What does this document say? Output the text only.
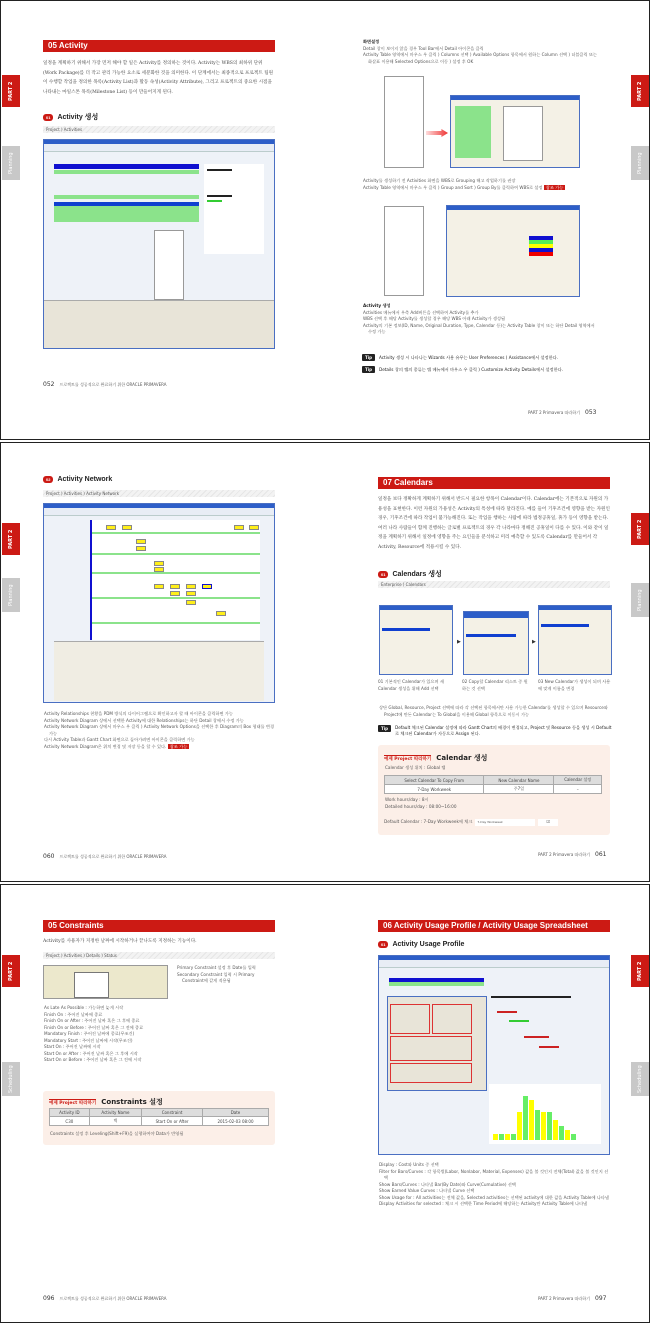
PART 2
Planning
05 Activity
일정을 계획하기 위해서 가장 먼저 해야 할 일은 Activity를 정의하는 것이다. Activity는 WBS의 최하위 단위(Work Package)를 더 작고 관리 가능한 요소로 세분화한 것을 의미한다. 이 단계에서는 최종적으로 프로젝트 팀원이 수행할 작업을 정의한 목록(Activity List)과 활동 속성(Activity Attribute), 그리고 프로젝트의 중요한 시점을 나타내는 마일스톤 목록(Milestone List) 등이 만들어지게 된다.
01	Activity 생성
Project ) Activities
052 프로젝트를 성공적으로 완료하기 위한 ORACLE PRIMAVERA
PART 2
Planning
화면설정
Detail 창이 보이지 않을 경우 Tool Bar에서 Detail 아이콘을 클릭
Activity Table 영역에서 마우스 우 클릭 ) Columns 선택 ) Available Options 항목에서 원하는 Column 선택 ) 더블클릭 또는 화살표 이용해 Selected Options으로 이동 ) 설정 후 OK
Activity를 생성하기 전 Activities 화면을 WBS로 Grouping 해고 작업하기를 권장
Activity Table 영역에서 마우스 우 클릭 ) Group and Sort ) Group By를 클릭하여 WBS로 설정 참조 가능
Activity 생성
Activities 메뉴에서 우측 Add버튼을 선택하여 Activity를 추가
WBS 선택 후 해당 Activity를 생성할 경우 해당 WBS 아래 Activity가 생성됨
Activity의 기본 정보(ID, Name, Original Duration, Type, Calendar 등)는 Activity Table 창이 또는 하단 Detail 영역에서 수정 가능
Tip	Activity 생성 시 나타나는 Wizards 사용 유무는 User Preferences ) Assistance에서 설정한다.
Tip	Details 창의 탭의 종류는 탭 메뉴에서 마우스 우 클릭 ) Customize Activity Details에서 설정한다.
PART 2 Primavera 따라하기 053
PART 2
Planning
02	Activity Network
Project ) Activities ) Activity Network
Activity Relationships 현황을 PDM 방식의 다이어그램으로 확인하고자 할 때 아이콘을 클릭하면 가능
Activity Network Diagram 상에서 선택한 Activity에 대한 Relationships는 하단 Detail 창에서 수정 가능
Activity Network Diagram 상에서 마우스 우 클릭 ) Activity Network Options을 선택한 후 Diagram의 Box 형태를 변경 가능
다시 Activity Table과 Gantt Chart 화면으로 돌아가려면 아이콘을 클릭하면 가능
Activity Network Diagram은 위치 변경 및 저장 등을 할 수 있다. 참조 가능
060 프로젝트를 성공적으로 완료하기 위한 ORACLE PRIMAVERA
PART 2
Planning
07 Calendars
일정을 보다 정확하게 계획하기 위해서 반드시 필요한 항목이 Calendar이다. Calendar에는 기본적으로 자원의 가용성을 표현한다. 이런 자원의 가용성은 Activity의 특성에 따라 달라진다. 예를 들어 기후조건에 영향을 받는 자원인 경우, 기후조건에 따라 작업이 불가능해진다. 또는 작업을 행하는 사람에 따라 법정공휴일, 휴가 등이 영향을 받는다. 여러 나라 사람들이 함께 진행하는 글로벌 프로젝트의 경우 각 나라마다 정해진 공휴일이 다를 수 있다. 이와 같이 일정을 계획하기 위해서 일정에 영향을 주는 요인들을 분석하고 미리 예측할 수 있도록 Calendar를 만들어서 각 Activity, Resource에 적용시킬 수 있다.
01	Calendars 생성
Enterprise ) Calendars
▶	▶
01 기본적인 Calendar가 있으며 새 Calendar 생성을 위해 Add 선택
02 Copy할 Calendar 리스트 중 원하는 것 선택
03 New Calendar가 생성이 되며 사용에 맞게 이름을 변경
상단 Global, Resource, Project 선택에 따라 각 선택된 항목에서만 사용 가능한 Calendar를 생성할 수 있으며 Resource와 Project에 만든 Calendar는 To Global을 이용해 Global 항목으로 이동시 가능
Tip	Default 체크된 Calendar 설정에 따라 Gantt Chart의 배경이 변경되고, Project 및 Resource 등을 생성 시 Default로 체크된 Calendar가 자동으로 Assign 된다.
예제 Project 따라하기 Calendar 생성
Calendar 생성 위치 : Global 탭
Select Calendar To Copy From	New Calendar Name	Calendar 설정
7-Day Workweek	주7일	–
Work hours/day : 8시
Detailed hours/day : 08:00~16:00
Default Calendar : 7-Day Workweek에 체크	7-Day Workweek	☑
PART 2 Primavera 따라하기 061
PART 2
Scheduling
05 Constraints
Activity를 사용자가 지정한 날짜에 시작하거나 끝나도록 지정하는 기능이다.
Project ) Activities ) Details ) Status
Primary Constraint 설정 후 Date를 입력
Secondary Constraint 입력 시 Primary Constraint에 같게 적용됨
As Late As Possible : 가능하면 늦게 시작
Finish On : 주어진 날짜에 종료
Finish On or After : 주어진 날짜 혹은 그 후에 종료
Finish On or Before : 주어진 날짜 혹은 그 전에 종료
Mandatory Finish : 주어진 날짜에 종료(무조건)
Mandatory Start : 주어진 날짜에 시작(무조건)
Start On : 주어진 날짜에 시작
Start On or After : 주어진 날짜 혹은 그 후에 시작
Start On or Before : 주어진 날짜 혹은 그 전에 시작
예제 Project 따라하기 Constraints 설정
Activity ID	Activity Name	Constraint	Date
C30	벽	Start On or After	2015-02-03 08:00
Constraints 설정 후 Leveling(Shift+F9)을 실행하여야 Data가 반영됨
096 프로젝트를 성공적으로 완료하기 위한 ORACLE PRIMAVERA
PART 2
Scheduling
06 Activity Usage Profile / Activity Usage Spreadsheet
01	Activity Usage Profile
Display : Cost와 Units 중 선택
Filter for Bars/Curves : 각 항목별(Labor, Nonlabor, Material, Expenses) 값을 볼 것인지 전체(Total) 값을 볼 것인지 선택
Show Bars/Curves : 나타낼 Bar(By Date)와 Curve(Cumulative) 선택
Show Earned Value Curves : 나타낼 Curve 선택
Show Usage for : All activities는 전체 값을, Selected activities는 선택된 activity에 대한 값을 Activity Table에 나타냄
Display Activities for selected : 체크 시 선택한 Time Period에 해당하는 Activity만 Activity Table에 나타냄
PART 2 Primavera 따라하기 097
